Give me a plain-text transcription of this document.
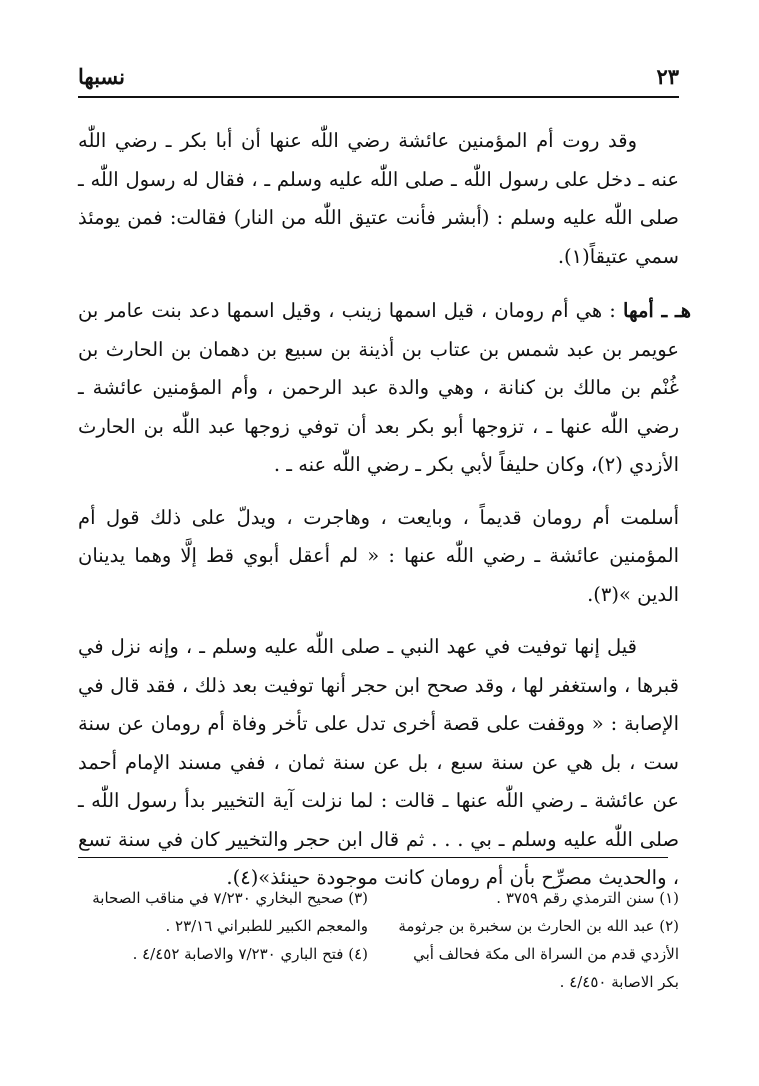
٢٣
نسبها

وقد روت أم المؤمنين عائشة رضي اللّٰه عنها أن أبا بكر ـ رضي اللّٰه عنه ـ دخل على رسول اللّٰه ـ صلى اللّٰه عليه وسلم ـ ، فقال له رسول اللّٰه ـ صلى اللّٰه عليه وسلم : (أبشر فأنت عتيق اللّٰه من النار) فقالت: فمن يومئذ سمي عتيقاً(١).

هـ ـ أمها : هي أم رومان ، قيل اسمها زينب ، وقيل اسمها دعد بنت عامر بن عويمر بن عبد شمس بن عتاب بن أذينة بن سبيع بن دهمان بن الحارث بن غُنْم بن مالك بن كنانة ، وهي والدة عبد الرحمن ، وأم المؤمنين عائشة ـ رضي اللّٰه عنها ـ ، تزوجها أبو بكر بعد أن توفي زوجها عبد اللّٰه بن الحارث الأزدي (٢)، وكان حليفاً لأبي بكر ـ رضي اللّٰه عنه ـ .

أسلمت أم رومان قديماً ، وبايعت ، وهاجرت ، ويدلّ على ذلك قول أم المؤمنين عائشة ـ رضي اللّٰه عنها : « لم أعقل أبوي قط إلَّا وهما يدينان الدين »(٣).

قيل إنها توفيت في عهد النبي ـ صلى اللّٰه عليه وسلم ـ ، وإنه نزل في قبرها ، واستغفر لها ، وقد صحح ابن حجر أنها توفيت بعد ذلك ، فقد قال في الإصابة : « ووقفت على قصة أخرى تدل على تأخر وفاة أم رومان عن سنة ست ، بل هي عن سنة سبع ، بل عن سنة ثمان ، ففي مسند الإمام أحمد عن عائشة ـ رضي اللّٰه عنها ـ قالت : لما نزلت آية التخيير بدأ رسول اللّٰه ـ صلى اللّٰه عليه وسلم ـ بي . . . ثم قال ابن حجر والتخيير كان في سنة تسع ، والحديث مصرِّح بأن أم رومان كانت موجودة حينئذ»(٤).

(١) سنن الترمذي رقم ٣٧٥٩ .
(٢) عبد الله بن الحارث بن سخبرة بن جرثومة
الأزدي قدم من السراة الى مكة فحالف أبي
بكر الاصابة ٤/٤٥٠ .
(٣) صحيح البخاري ٧/٢٣٠ في مناقب الصحابة
والمعجم الكبير للطبراني ٢٣/١٦ .
(٤) فتح الباري ٧/٢٣٠ والاصابة ٤/٤٥٢ .
